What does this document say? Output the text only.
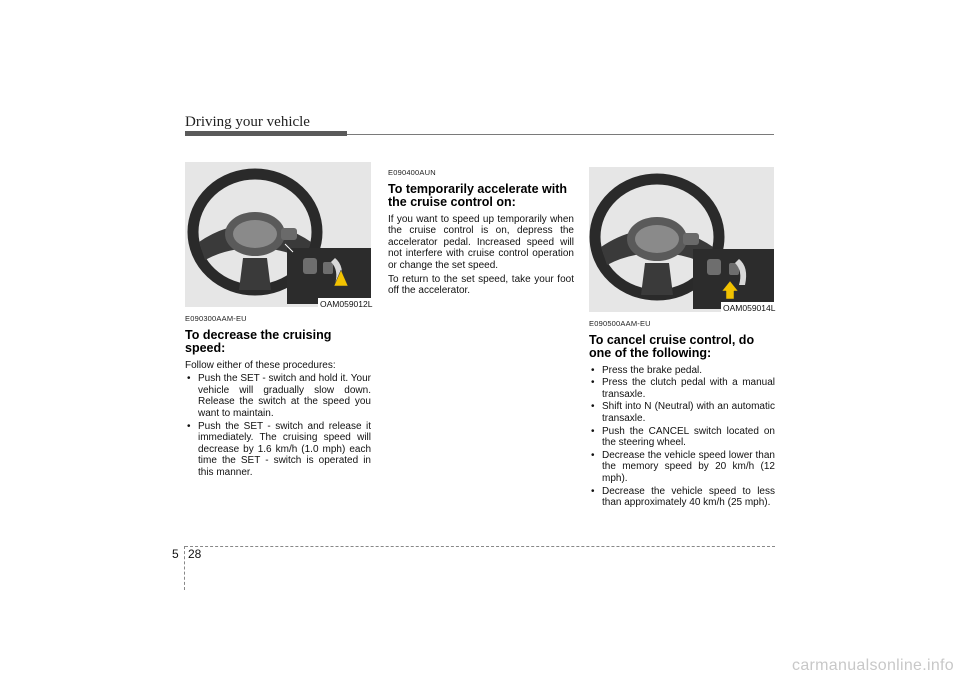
Driving your vehicle
OAM059012L	OAM059014L
E090300AAM-EU
To decrease the cruising speed:
Follow either of these procedures:
• Push the SET - switch and hold it. Your vehicle will gradually slow down. Release the switch at the speed you want to maintain.
• Push the SET - switch and release it immediately. The cruising speed will decrease by 1.6 km/h (1.0 mph) each time the SET - switch is operated in this manner.
E090400AUN
To temporarily accelerate with the cruise control on:
If you want to speed up temporarily when the cruise control is on, depress the accelerator pedal. Increased speed will not interfere with cruise control operation or change the set speed.
To return to the set speed, take your foot off the accelerator.
E090500AAM-EU
To cancel cruise control, do one of the following:
• Press the brake pedal.
• Press the clutch pedal with a manual transaxle.
• Shift into N (Neutral) with an automatic transaxle.
• Push the CANCEL switch located on the steering wheel.
• Decrease the vehicle speed lower than the memory speed by 20 km/h (12 mph).
• Decrease the vehicle speed to less than approximately 40 km/h (25 mph).
5 28
carmanualsonline.info
